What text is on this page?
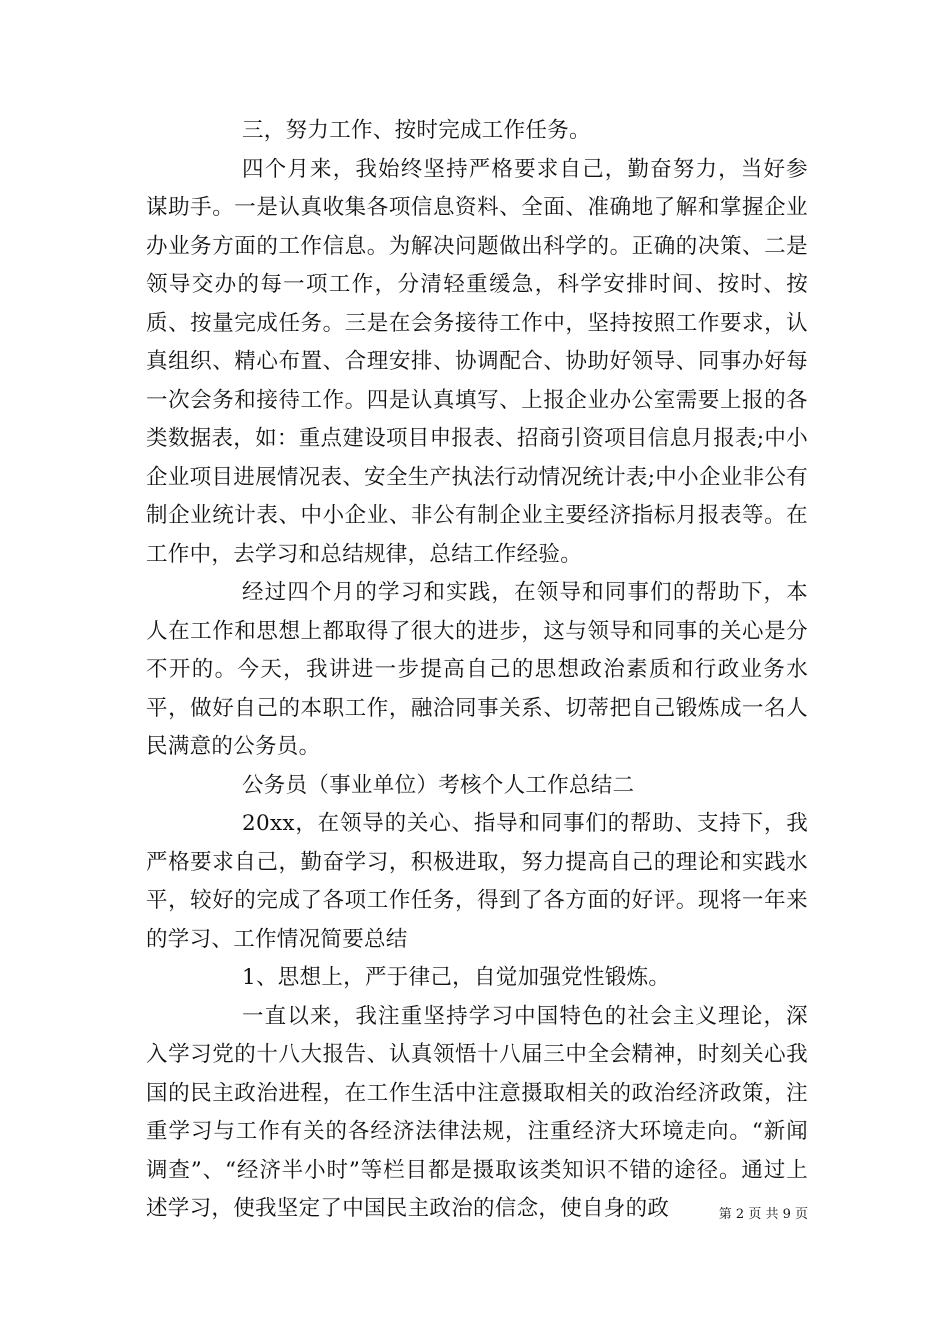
三，努力工作、按时完成工作任务。

四个月来，我始终坚持严格要求自己，勤奋努力，当好参谋助手。一是认真收集各项信息资料、全面、准确地了解和掌握企业办业务方面的工作信息。为解决问题做出科学的。正确的决策、二是领导交办的每一项工作，分清轻重缓急，科学安排时间、按时、按质、按量完成任务。三是在会务接待工作中，坚持按照工作要求，认真组织、精心布置、合理安排、协调配合、协助好领导、同事办好每一次会务和接待工作。四是认真填写、上报企业办公室需要上报的各类数据表，如：重点建设项目申报表、招商引资项目信息月报表;中小企业项目进展情况表、安全生产执法行动情况统计表;中小企业非公有制企业统计表、中小企业、非公有制企业主要经济指标月报表等。在工作中，去学习和总结规律，总结工作经验。

经过四个月的学习和实践，在领导和同事们的帮助下，本人在工作和思想上都取得了很大的进步，这与领导和同事的关心是分不开的。今天，我讲进一步提高自己的思想政治素质和行政业务水平，做好自己的本职工作，融洽同事关系、切蒂把自己锻炼成一名人民满意的公务员。

公务员（事业单位）考核个人工作总结二

20xx，在领导的关心、指导和同事们的帮助、支持下，我严格要求自己，勤奋学习，积极进取，努力提高自己的理论和实践水平，较好的完成了各项工作任务，得到了各方面的好评。现将一年来的学习、工作情况简要总结

1、思想上，严于律己，自觉加强党性锻炼。

一直以来，我注重坚持学习中国特色的社会主义理论，深入学习党的十八大报告、认真领悟十八届三中全会精神，时刻关心我国的民主政治进程，在工作生活中注意摄取相关的政治经济政策，注重学习与工作有关的各经济法律法规，注重经济大环境走向。“新闻调查”、“经济半小时”等栏目都是摄取该类知识不错的途径。通过上述学习，使我坚定了中国民主政治的信念，使自身的政	第 2 页 共 9 页
